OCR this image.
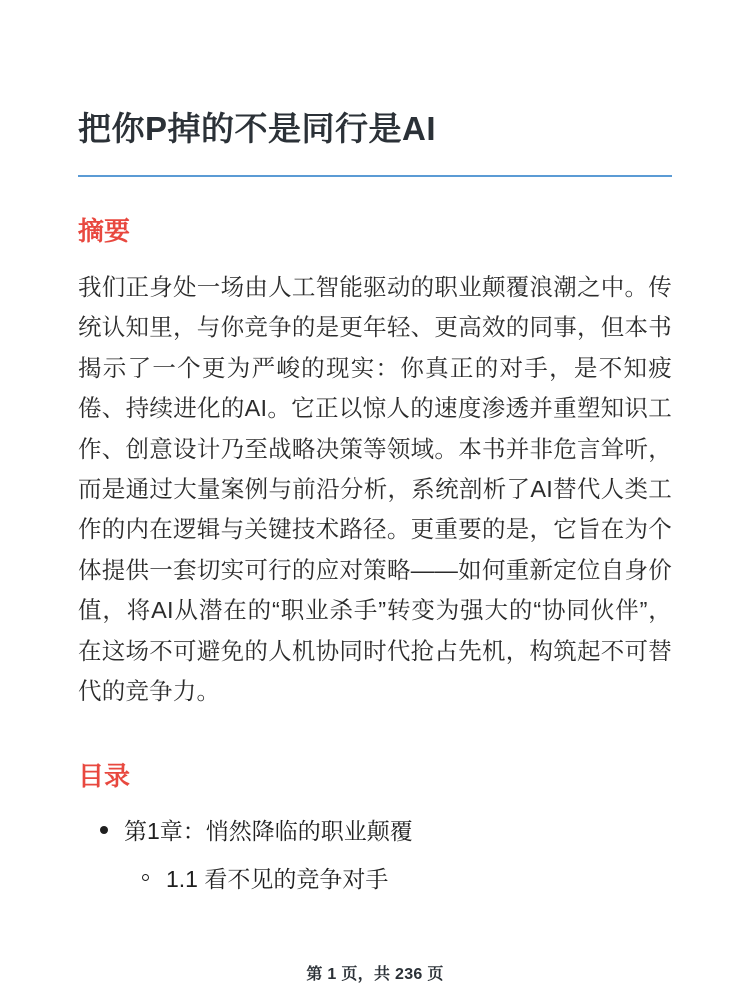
把你P掉的不是同行是AI
摘要

我们正身处一场由人工智能驱动的职业颠覆浪潮之中。传统认知里，与你竞争的是更年轻、更高效的同事，但本书揭示了一个更为严峻的现实：你真正的对手，是不知疲倦、持续进化的AI。它正以惊人的速度渗透并重塑知识工作、创意设计乃至战略决策等领域。本书并非危言耸听，而是通过大量案例与前沿分析，系统剖析了AI替代人类工作的内在逻辑与关键技术路径。更重要的是，它旨在为个体提供一套切实可行的应对策略——如何重新定位自身价值，将AI从潜在的“职业杀手”转变为强大的“协同伙伴”，在这场不可避免的人机协同时代抢占先机，构筑起不可替代的竞争力。

目录
第1章：悄然降临的职业颠覆
1.1 看不见的竞争对手
第 1 页，共 236 页
